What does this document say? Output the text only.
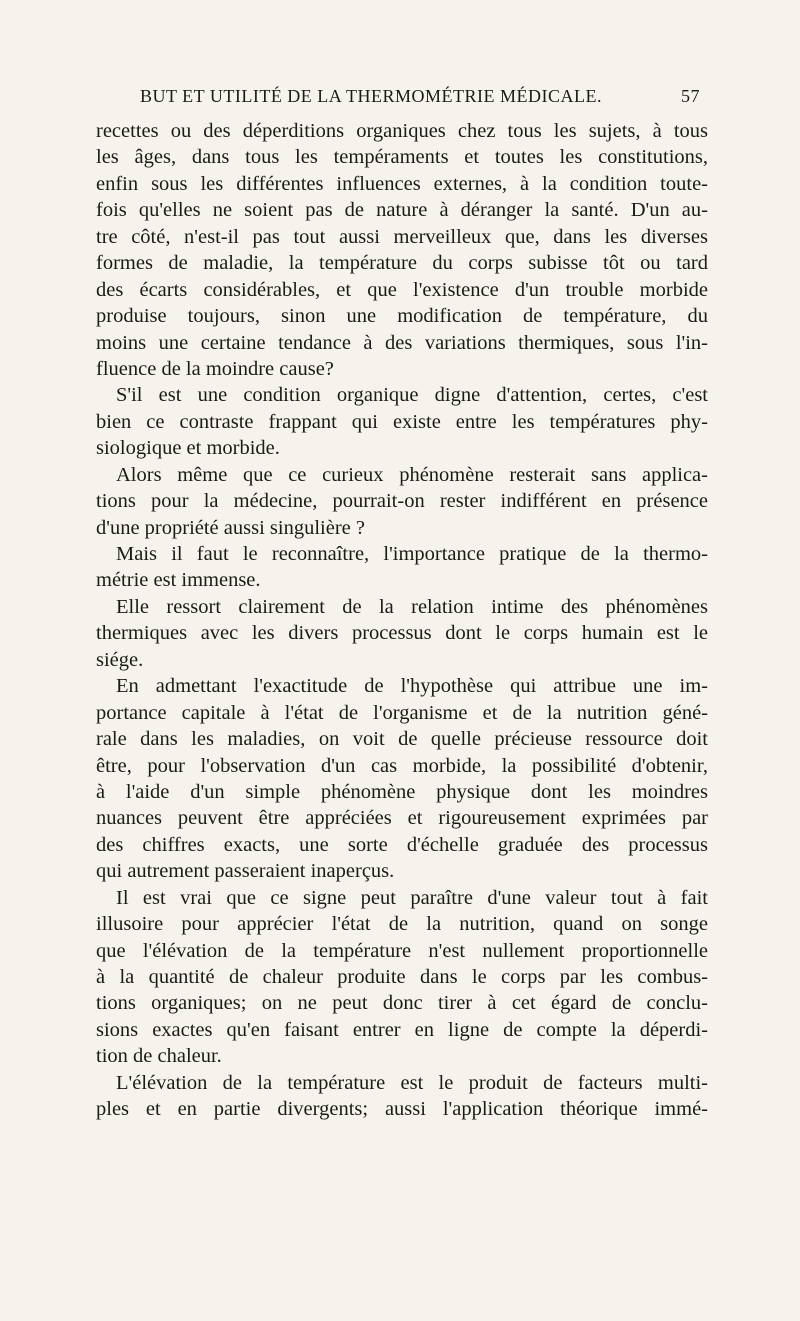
BUT ET UTILITÉ DE LA THERMOMÉTRIE MÉDICALE.	57
recettes ou des déperditions organiques chez tous les sujets, à tous
les âges, dans tous les tempéraments et toutes les constitutions,
enfin sous les différentes influences externes, à la condition toute-
fois qu'elles ne soient pas de nature à déranger la santé. D'un au-
tre côté, n'est-il pas tout aussi merveilleux que, dans les diverses
formes de maladie, la température du corps subisse tôt ou tard
des écarts considérables, et que l'existence d'un trouble morbide
produise toujours, sinon une modification de température, du
moins une certaine tendance à des variations thermiques, sous l'in-
fluence de la moindre cause?
S'il est une condition organique digne d'attention, certes, c'est
bien ce contraste frappant qui existe entre les températures phy-
siologique et morbide.
Alors même que ce curieux phénomène resterait sans applica-
tions pour la médecine, pourrait-on rester indifférent en présence
d'une propriété aussi singulière ?
Mais il faut le reconnaître, l'importance pratique de la thermo-
métrie est immense.
Elle ressort clairement de la relation intime des phénomènes
thermiques avec les divers processus dont le corps humain est le
siége.
En admettant l'exactitude de l'hypothèse qui attribue une im-
portance capitale à l'état de l'organisme et de la nutrition géné-
rale dans les maladies, on voit de quelle précieuse ressource doit
être, pour l'observation d'un cas morbide, la possibilité d'obtenir,
à l'aide d'un simple phénomène physique dont les moindres
nuances peuvent être appréciées et rigoureusement exprimées par
des chiffres exacts, une sorte d'échelle graduée des processus
qui autrement passeraient inaperçus.
Il est vrai que ce signe peut paraître d'une valeur tout à fait
illusoire pour apprécier l'état de la nutrition, quand on songe
que l'élévation de la température n'est nullement proportionnelle
à la quantité de chaleur produite dans le corps par les combus-
tions organiques; on ne peut donc tirer à cet égard de conclu-
sions exactes qu'en faisant entrer en ligne de compte la déperdi-
tion de chaleur.
L'élévation de la température est le produit de facteurs multi-
ples et en partie divergents; aussi l'application théorique immé-
